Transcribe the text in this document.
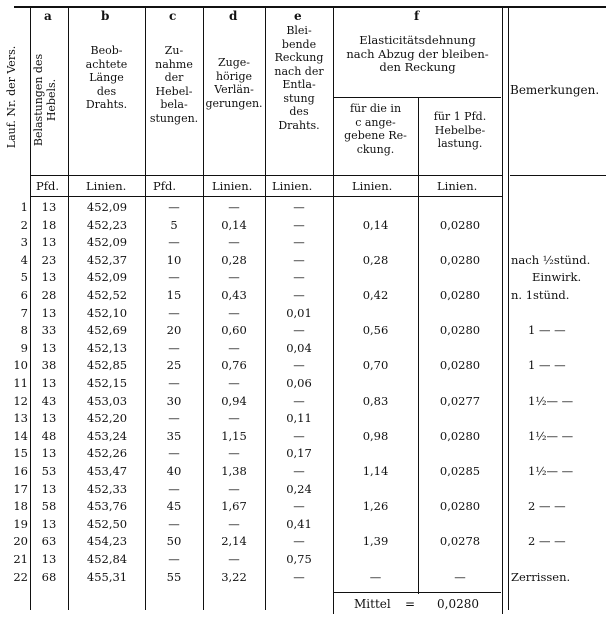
a	b	c	d	e	f
Lauf. Nr. der Vers. Belastungen des Hebels.
Beob-
achtete
Länge
des
Drahts.
Zu-
nahme
der
Hebel-
bela-
stungen.
Zuge-
hörige
Verlän-
gerungen.
Blei-
bende
Reckung
nach der
Entla-
stung
des
Drahts.
Elasticitätsdehnung
nach Abzug der bleiben-
den Reckung
für die in
c ange-
gebene Re-
ckung.
für 1 Pfd.
Hebelbe-
lastung.
Bemerkungen.
Pfd. Linien. Pfd.	Linien. Linien.	Linien.	Linien.
1	13	452,09	—	—	—
2	18	452,23	5	0,14	—	0,14	0,0280
3	13	452,09	—	—	—
4	23	452,37	10	0,28	—	0,28	0,0280	nach ½stünd.
5	13	452,09	—	—	—	Einwirk.
6	28	452,52	15	0,43	—	0,42	0,0280	n. 1stünd.
7	13	452,10	—	—	0,01
8	33	452,69	20	0,60	—	0,56	0,0280	1 — —
9	13	452,13	—	—	0,04
10	38	452,85	25	0,76	—	0,70	0,0280	1 — —
11	13	452,15	—	—	0,06
12	43	453,03	30	0,94	—	0,83	0,0277	1½— —
13	13	452,20	—	—	0,11
14	48	453,24	35	1,15	—	0,98	0,0280	1½— —
15	13	452,26	—	—	0,17
16	53	453,47	40	1,38	—	1,14	0,0285	1½— —
17	13	452,33	—	—	0,24
18	58	453,76	45	1,67	—	1,26	0,0280	2 — —
19	13	452,50	—	—	0,41
20	63	454,23	50	2,14	—	1,39	0,0278	2 — —
21	13	452,84	—	—	0,75
22	68	455,31	55	3,22	—	—	—	Zerrissen.
Mittel = 0,0280
